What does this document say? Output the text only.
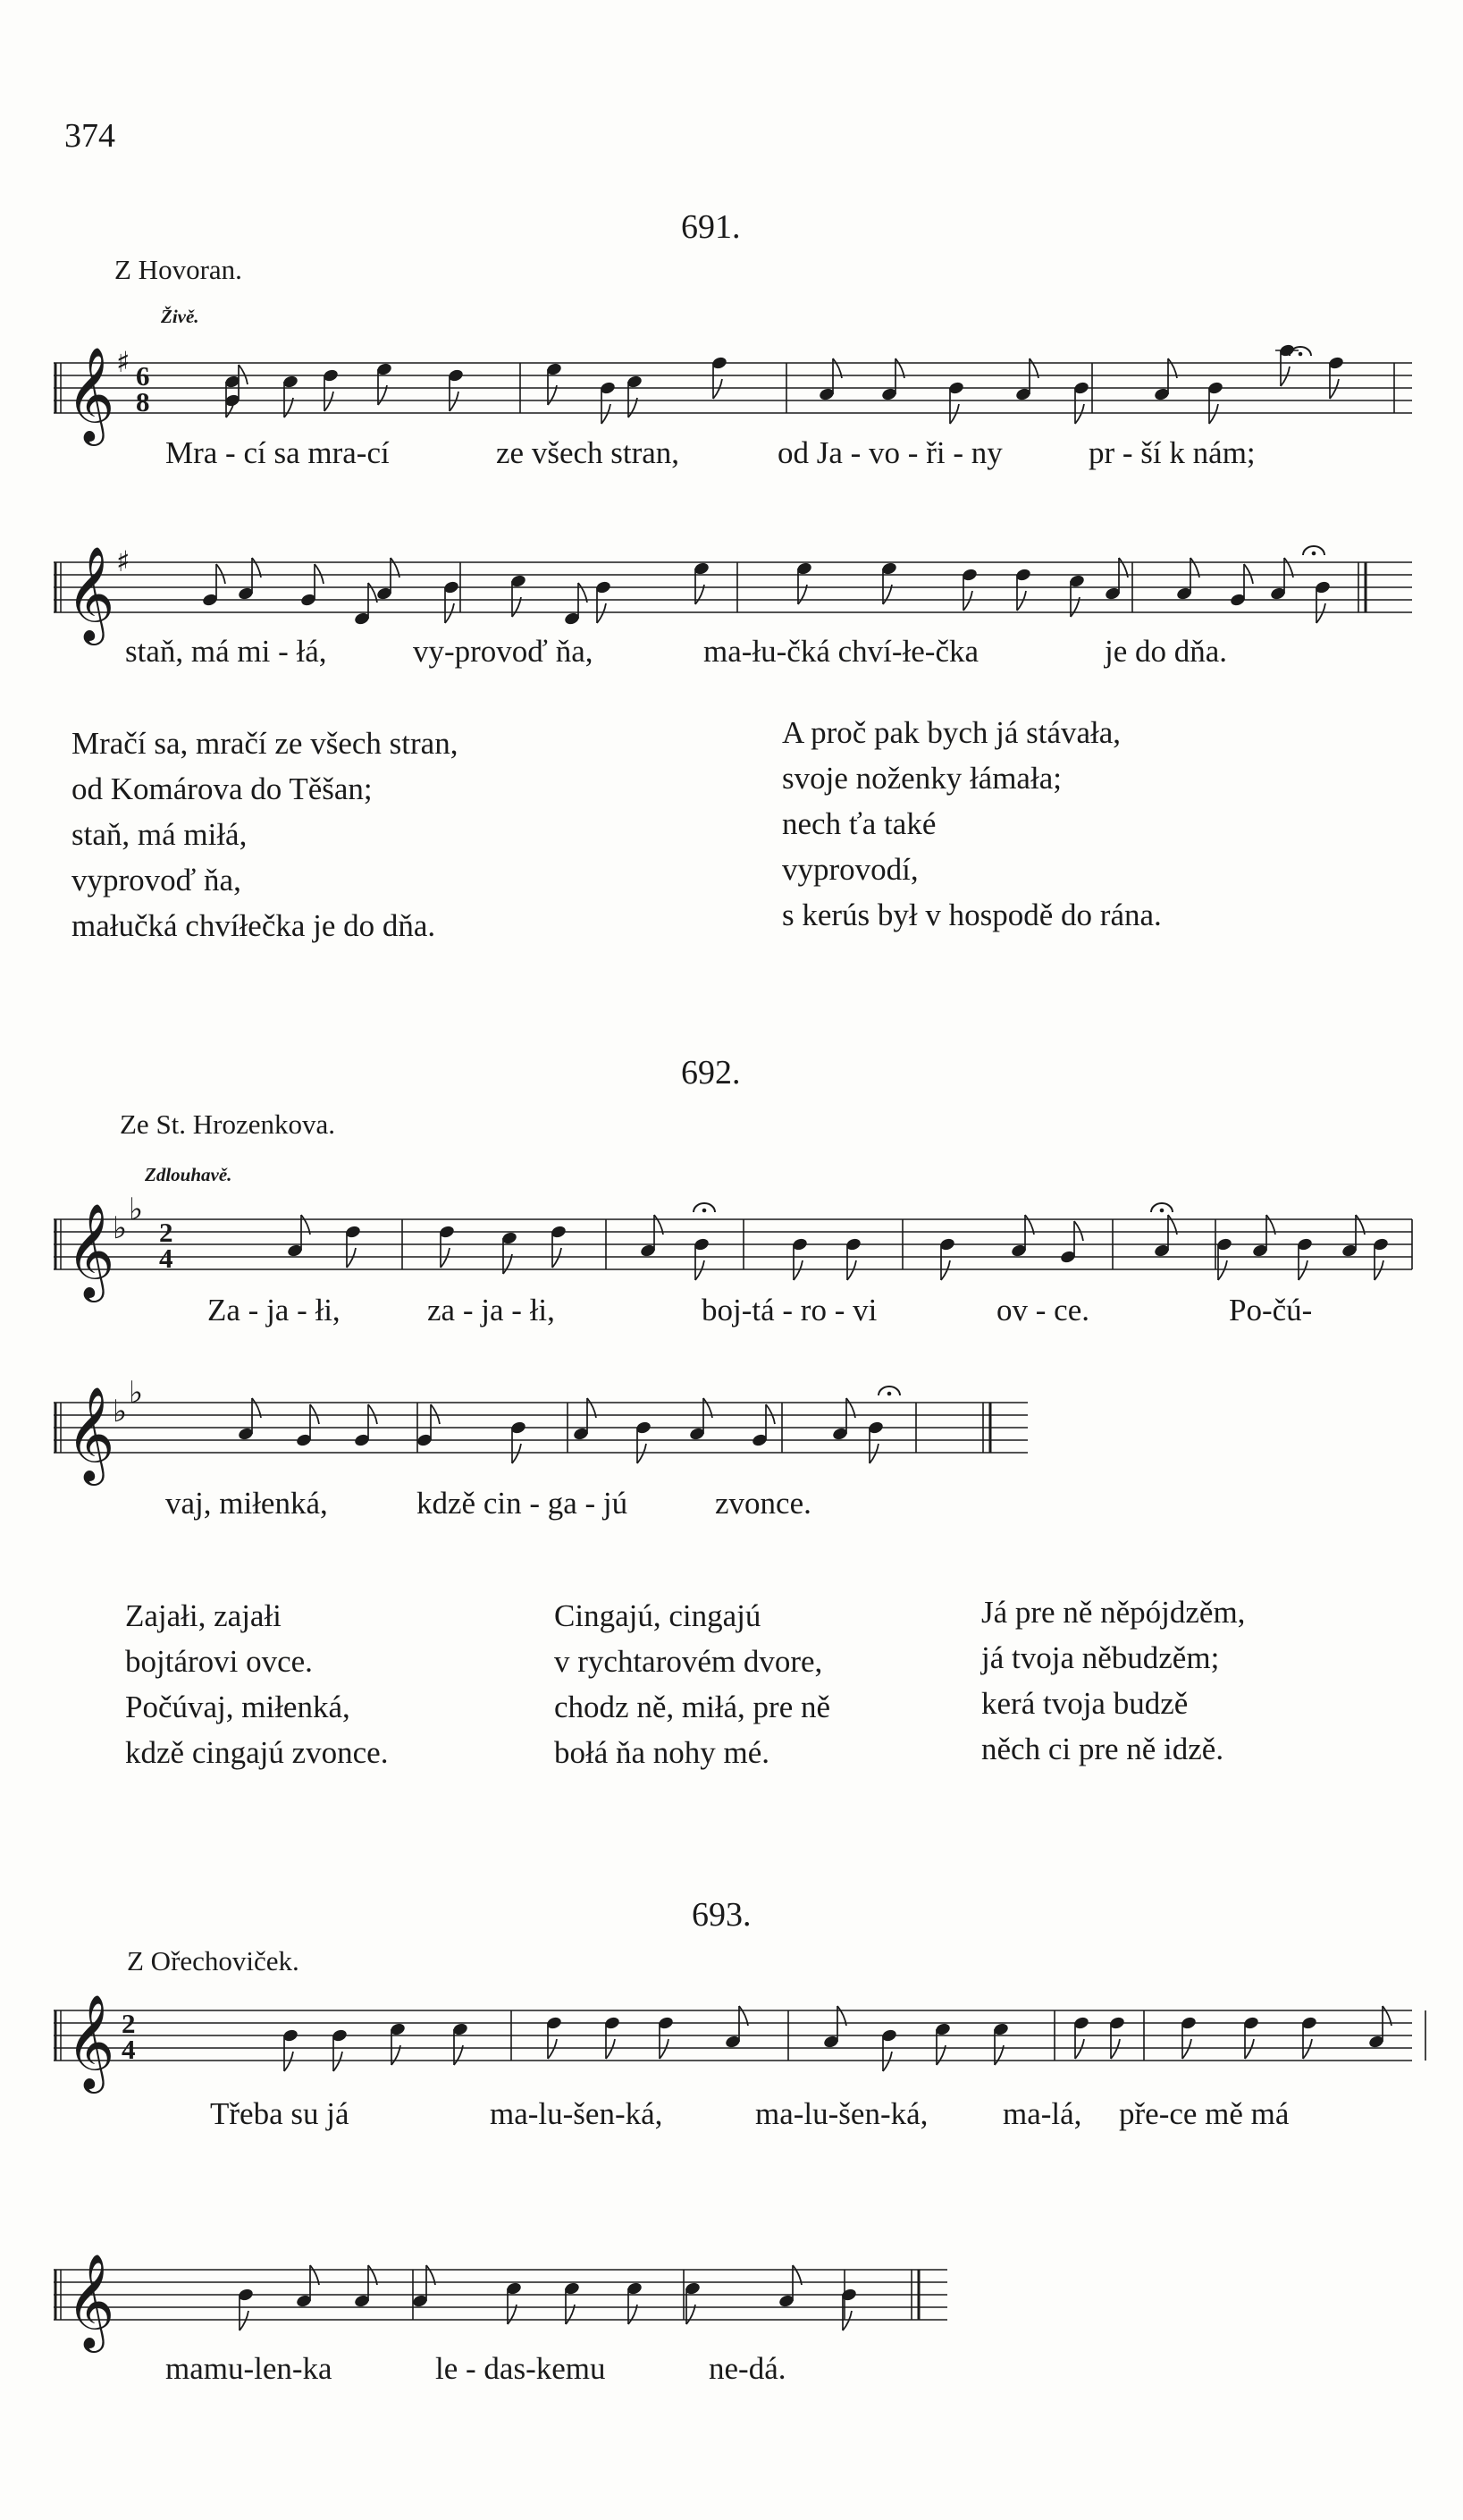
374
691.
Z Hovoran.
Živě.
𝄞 ♯ 6
8
Mra - cí sa mra-cí	ze všech stran,	od Ja - vo - ři - ny	pr - ší k nám;
𝄞 ♯
staň, má mi - łá,	vy-provoď ňa,	ma-łu-čká chví-łe-čka	je do dňa.
Mračí sa, mračí ze všech stran,
od Komárova do Těšan;
staň, má miłá,
vyprovoď ňa,
małučká chvíłečka je do dňa.
A proč pak bych já stávała,
svoje noženky łámała;
nech ťa také
vyprovodí,
s kerús był v hospodě do rána.
692.
Ze St. Hrozenkova.
Zdlouhavě.
𝄞
♭
♭
2
4
Za - ja - łi,	za - ja - łi,	boj-tá - ro - vi	ov - ce.	Po-čú-
𝄞
♭
♭
vaj, miłenká,	kdzě cin - ga - jú	zvonce.
Zajałi, zajałi
bojtárovi ovce.
Počúvaj, miłenká,
kdzě cingajú zvonce.
Cingajú, cingajú
v rychtarovém dvore,
chodz ně, miłá, pre ně
bołá ňa nohy mé.
Já pre ně něpójdzěm,
já tvoja něbudzěm;
kerá tvoja budzě
něch ci pre ně idzě.
693.
Z Ořechoviček.
𝄞 2
4
Třeba su já	ma-lu-šen-ká,	ma-lu-šen-ká, ma-lá, pře-ce mě má
𝄞
mamu-len-ka	le - das-kemu	ne-dá.
